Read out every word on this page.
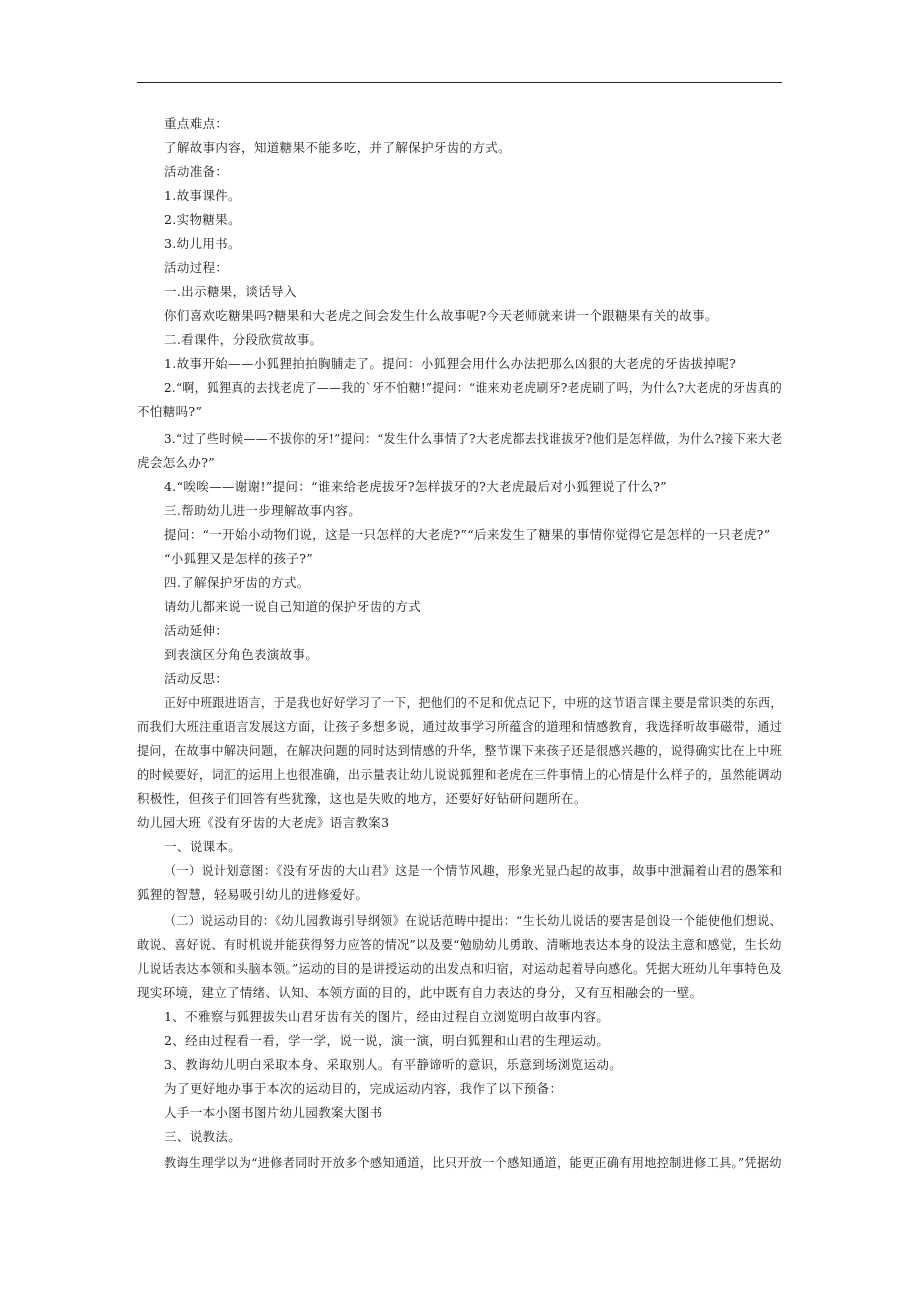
重点难点：
了解故事内容，知道糖果不能多吃，并了解保护牙齿的方式。
活动准备：
1.故事课件。
2.实物糖果。
3.幼儿用书。
活动过程：
一.出示糖果，谈话导入
你们喜欢吃糖果吗?糖果和大老虎之间会发生什么故事呢?今天老师就来讲一个跟糖果有关的故事。
二.看课件，分段欣赏故事。
1.故事开始——小狐狸拍拍胸脯走了。提问：小狐狸会用什么办法把那么凶狠的大老虎的牙齿拔掉呢?
2.“啊，狐狸真的去找老虎了——我的`牙不怕糖!”提问：“谁来劝老虎刷牙?老虎刷了吗，为什么?大老虎的牙齿真的
不怕糖吗?”
3.“过了些时候——不拔你的牙!”提问：“发生什么事情了?大老虎都去找谁拔牙?他们是怎样做，为什么?接下来大老
虎会怎么办?”
4.“唉唉——谢谢!”提问：“谁来给老虎拔牙?怎样拔牙的?大老虎最后对小狐狸说了什么?”
三.帮助幼儿进一步理解故事内容。
提问：“一开始小动物们说，这是一只怎样的大老虎?”“后来发生了糖果的事情你觉得它是怎样的一只老虎?”
“小狐狸又是怎样的孩子?”
四.了解保护牙齿的方式。
请幼儿都来说一说自己知道的保护牙齿的方式
活动延伸：
到表演区分角色表演故事。
活动反思：
正好中班跟进语言，于是我也好好学习了一下，把他们的不足和优点记下，中班的这节语言课主要是常识类的东西，
而我们大班注重语言发展这方面，让孩子多想多说，通过故事学习所蕴含的道理和情感教育，我选择听故事磁带，通过
提问，在故事中解决问题，在解决问题的同时达到情感的升华，整节课下来孩子还是很感兴趣的，说得确实比在上中班
的时候要好，词汇的运用上也很准确，出示量表让幼儿说说狐狸和老虎在三件事情上的心情是什么样子的，虽然能调动
积极性，但孩子们回答有些犹豫，这也是失败的地方，还要好好钻研问题所在。
幼儿园大班《没有牙齿的大老虎》语言教案3
一、说课本。
（一）说计划意图：《没有牙齿的大山君》这是一个情节风趣，形象光显凸起的故事，故事中泄漏着山君的愚笨和
狐狸的智慧，轻易吸引幼儿的进修爱好。
（二）说运动目的：《幼儿园教诲引导纲领》在说话范畴中提出：“生长幼儿说话的要害是创设一个能使他们想说、
敢说、喜好说、有时机说并能获得努力应答的情况”以及要“勉励幼儿勇敢、清晰地表达本身的设法主意和感觉，生长幼
儿说话表达本领和头脑本领。”运动的目的是讲授运动的出发点和归宿，对运动起着导向感化。凭据大班幼儿年事特色及
现实环境，建立了情绪、认知、本领方面的目的，此中既有自力表达的身分，又有互相融会的一壁。
1、不雅察与狐狸拔失山君牙齿有关的图片，经由过程自立浏览明白故事内容。
2、经由过程看一看，学一学，说一说，演一演，明白狐狸和山君的生理运动。
3、教诲幼儿明白采取本身、采取别人。有平静谛听的意识，乐意到场浏览运动。
为了更好地办事于本次的运动目的，完成运动内容，我作了以下预备：
人手一本小图书图片幼儿园教案大图书
三、说教法。
教诲生理学以为“进修者同时开放多个感知通道，比只开放一个感知通道，能更正确有用地控制进修工具。”凭据幼
